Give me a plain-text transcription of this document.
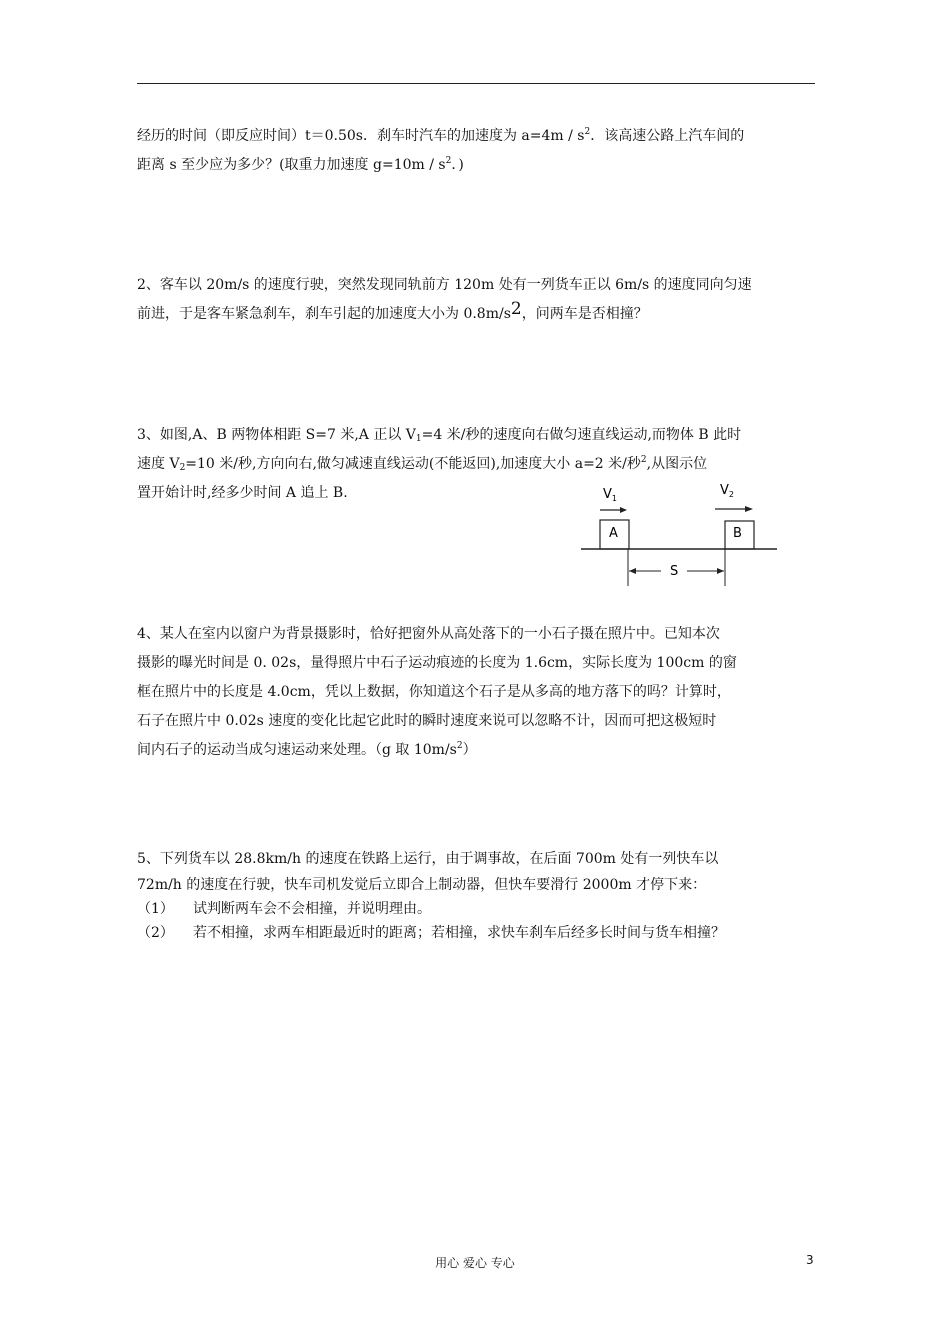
经历的时间（即反应时间）t＝0.50s．刹车时汽车的加速度为 $a=4m / s^2$．该高速公路上汽车间的
距离 s 至少应为多少？(取重力加速度 $g=10m / s^2$．)
2、客车以 20m/s 的速度行驶，突然发现同轨前方 120m 处有一列货车正以 6m/s 的速度同向匀速
前进，于是客车紧急刹车，刹车引起的加速度大小为 0.8m/s2，问两车是否相撞？
3、如图,A、B 两物体相距 S=7 米,A 正以 $V_1=4$ 米/秒的速度向右做匀速直线运动,而物体 B 此时
速度 $V_2=10$ 米/秒,方向向右,做匀减速直线运动(不能返回),加速度大小 a=2 米/秒$^2$,从图示位
置开始计时,经多少时间 A 追上 B.	$V_1$
$V_2$
A	B
S
4、某人在室内以窗户为背景摄影时，恰好把窗外从高处落下的一小石子摄在照片中。已知本次
摄影的曝光时间是 0. 02s，量得照片中石子运动痕迹的长度为 1.6cm，实际长度为 100cm 的窗
框在照片中的长度是 4.0cm，凭以上数据，你知道这个石子是从多高的地方落下的吗？计算时，
石子在照片中 0.02s 速度的变化比起它此时的瞬时速度来说可以忽略不计，因而可把这极短时
间内石子的运动当成匀速运动来处理。（g 取 $10m/s^2$）
5、下列货车以 28.8km/h 的速度在铁路上运行，由于调事故，在后面 700m 处有一列快车以
72m/h 的速度在行驶，快车司机发觉后立即合上制动器，但快车要滑行 2000m 才停下来：
（1） 试判断两车会不会相撞，并说明理由。
（2） 若不相撞，求两车相距最近时的距离；若相撞，求快车刹车后经多长时间与货车相撞？
用心 爱心 专心	3
